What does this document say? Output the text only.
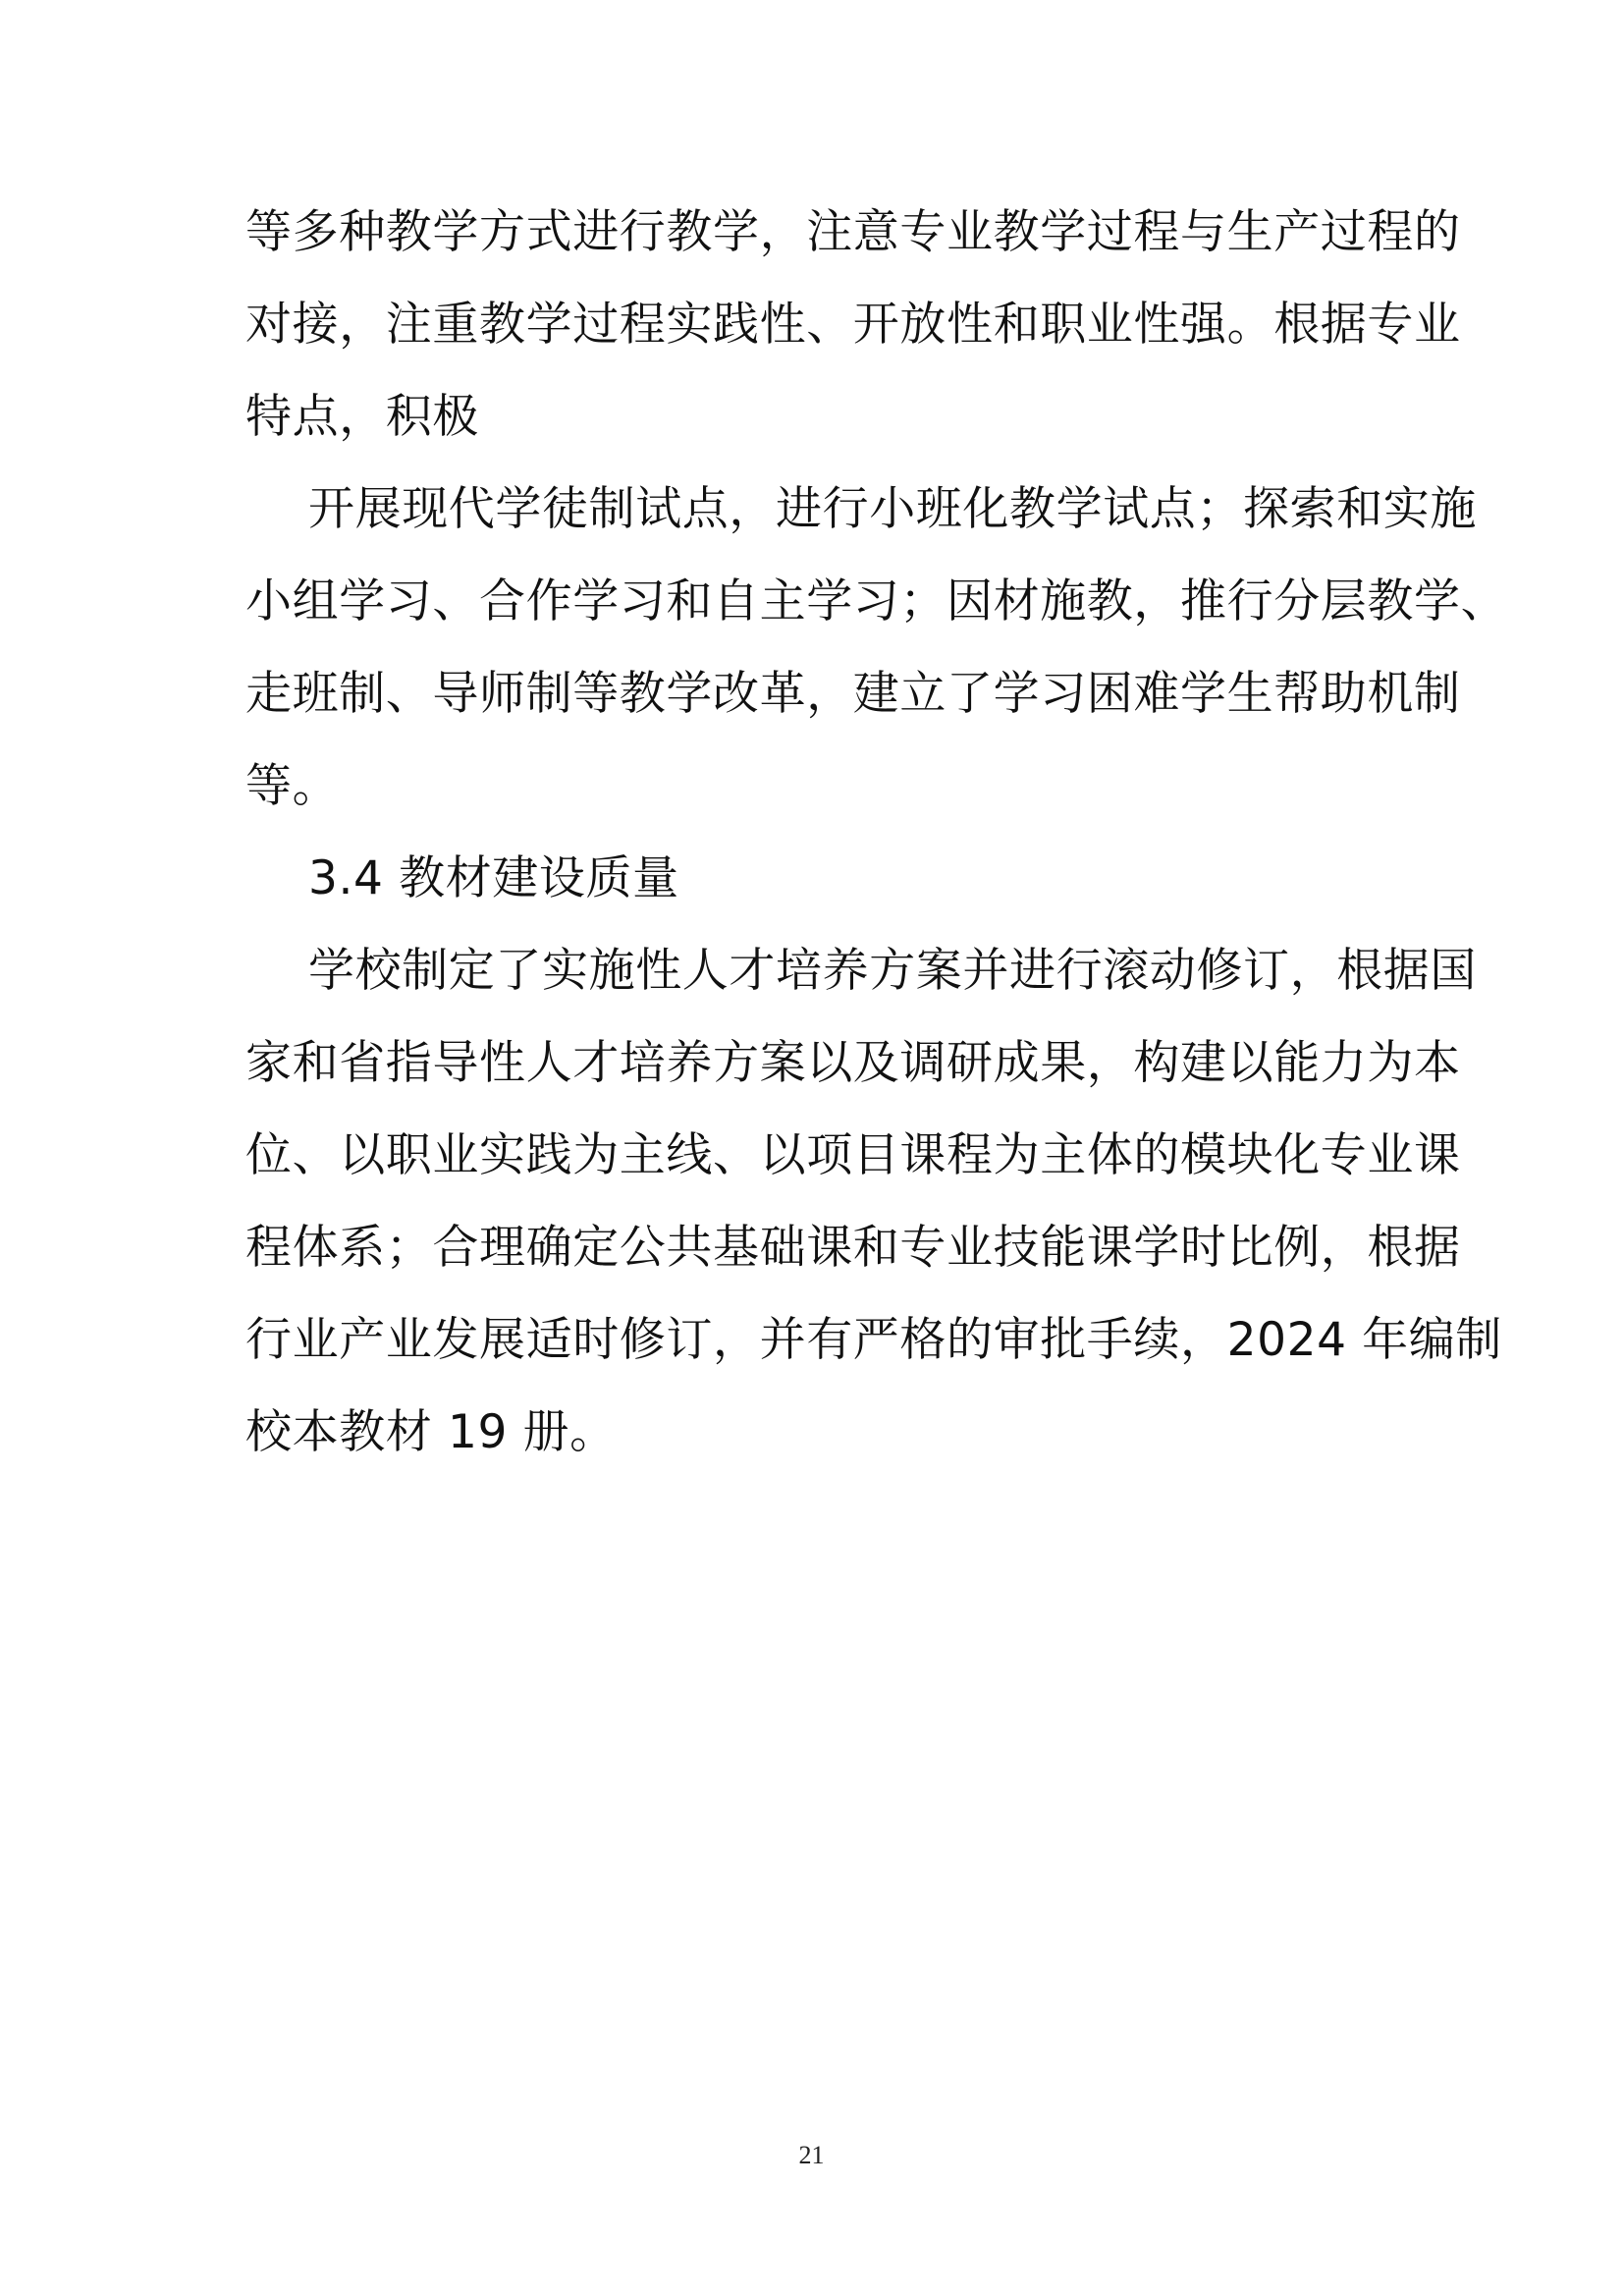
等多种教学方式进行教学，注意专业教学过程与生产过程的
对接，注重教学过程实践性、开放性和职业性强。根据专业
特点，积极
开展现代学徒制试点，进行小班化教学试点；探索和实施
小组学习、合作学习和自主学习；因材施教，推行分层教学、
走班制、导师制等教学改革，建立了学习困难学生帮助机制
等。
3.4 教材建设质量
学校制定了实施性人才培养方案并进行滚动修订，根据国
家和省指导性人才培养方案以及调研成果，构建以能力为本
位、以职业实践为主线、以项目课程为主体的模块化专业课
程体系；合理确定公共基础课和专业技能课学时比例，根据
行业产业发展适时修订，并有严格的审批手续，2024 年编制
校本教材 19 册。
21
